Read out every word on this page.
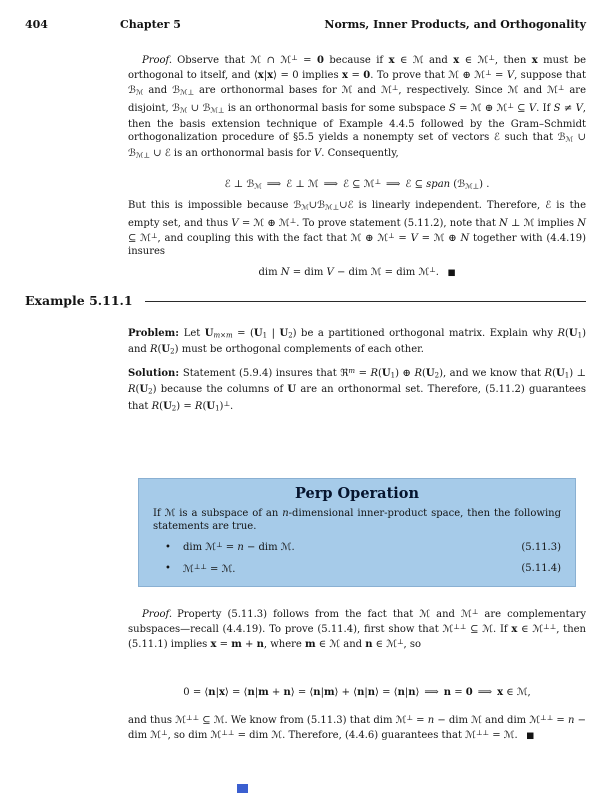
404	Chapter 5	Norms, Inner Products, and Orthogonality
Proof. Observe that ℳ ∩ ℳ⊥ = 0 because if x ∈ ℳ and x ∈ ℳ⊥, then x must be orthogonal to itself, and ⟨x|x⟩ = 0 implies x = 0. To prove that ℳ ⊕ ℳ⊥ = V, suppose that ℬ$_ℳ$ and ℬ$_{ℳ\perp}$ are orthonormal bases for ℳ and ℳ⊥, respectively. Since ℳ and ℳ⊥ are disjoint, ℬ$_ℳ$ ∪ ℬ$_{ℳ\perp}$ is an orthonormal basis for some subspace S = ℳ ⊕ ℳ⊥ ⊆ V. If S ≠ V, then the basis extension technique of Example 4.4.5 followed by the Gram–Schmidt orthogonalization procedure of §5.5 yields a nonempty set of vectors ℰ such that ℬ$_ℳ$ ∪ ℬ$_{ℳ\perp}$ ∪ ℰ is an orthonormal basis for V. Consequently,
ℰ ⊥ ℬ$_ℳ$ ⟹ ℰ ⊥ ℳ ⟹ ℰ ⊆ ℳ⊥ ⟹ ℰ ⊆ span (ℬ$_{ℳ\perp}$) .
But this is impossible because ℬ$_ℳ$∪ℬ$_{ℳ\perp}$∪ℰ is linearly independent. Therefore, ℰ is the empty set, and thus V = ℳ ⊕ ℳ⊥. To prove statement (5.11.2), note that N ⊥ ℳ implies N ⊆ ℳ⊥, and coupling this with the fact that ℳ ⊕ ℳ⊥ = V = ℳ ⊕ N together with (4.4.19) insures
dim N = dim V − dim ℳ = dim ℳ⊥. ■
Example 5.11.1
Problem: Let $U_{m\times m} = (U_1$ | $U_2$) be a partitioned orthogonal matrix. Explain why $R(U_1)$ and $R(U_2)$ must be orthogonal complements of each other.
Solution: Statement (5.9.4) insures that ℜ$^m$ = $R(U_1)$ ⊕ $R(U_2)$, and we know that $R(U_1)$ ⊥ $R(U_2)$ because the columns of U are an orthonormal set. Therefore, (5.11.2) guarantees that $R(U_2) = R(U_1)^\perp$.
Perp Operation
If ℳ is a subspace of an n-dimensional inner-product space, then the following statements are true.
•	dim ℳ⊥ = n − dim ℳ.	(5.11.3)
•	ℳ⊥⊥ = ℳ.	(5.11.4)
Proof. Property (5.11.3) follows from the fact that ℳ and ℳ⊥ are complementary subspaces—recall (4.4.19). To prove (5.11.4), first show that ℳ⊥⊥ ⊆ ℳ. If x ∈ ℳ⊥⊥, then (5.11.1) implies x = m + n, where m ∈ ℳ and n ∈ ℳ⊥, so
0 = ⟨n|x⟩ = ⟨n|m + n⟩ = ⟨n|m⟩ + ⟨n|n⟩ = ⟨n|n⟩ ⟹ n = 0 ⟹ x ∈ ℳ,
and thus ℳ⊥⊥ ⊆ ℳ. We know from (5.11.3) that dim ℳ⊥ = n − dim ℳ and dim ℳ⊥⊥ = n − dim ℳ⊥, so dim ℳ⊥⊥ = dim ℳ. Therefore, (4.4.6) guarantees that ℳ⊥⊥ = ℳ. ■
